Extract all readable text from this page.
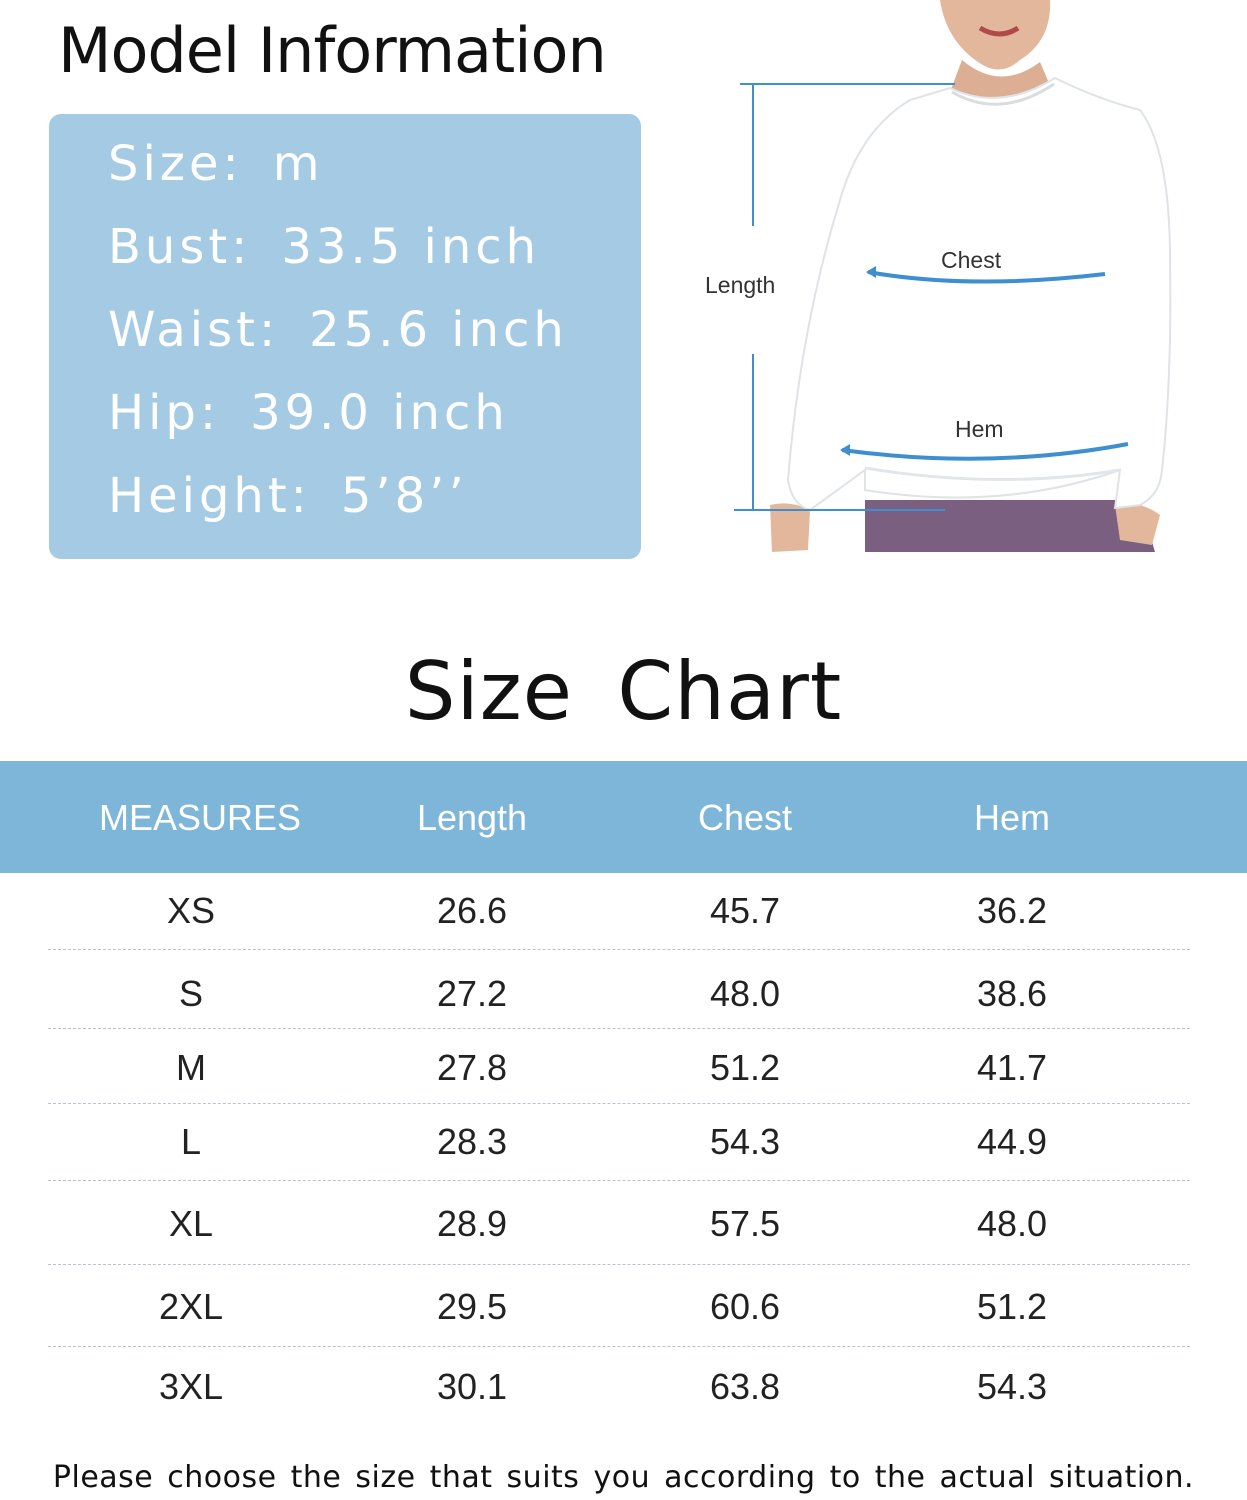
Model Information
Size: m
Bust: 33.5 inch
Waist: 25.6 inch
Hip: 39.0 inch
Height: 5’8’’
Length
Chest
Hem
Size Chart
MEASURES	Length	Chest	Hem
XS	26.6	45.7	36.2
S	27.2	48.0	38.6
M	27.8	51.2	41.7
L	28.3	54.3	44.9
XL	28.9	57.5	48.0
2XL	29.5	60.6	51.2
3XL	30.1	63.8	54.3
Please choose the size that suits you according to the actual situation.
